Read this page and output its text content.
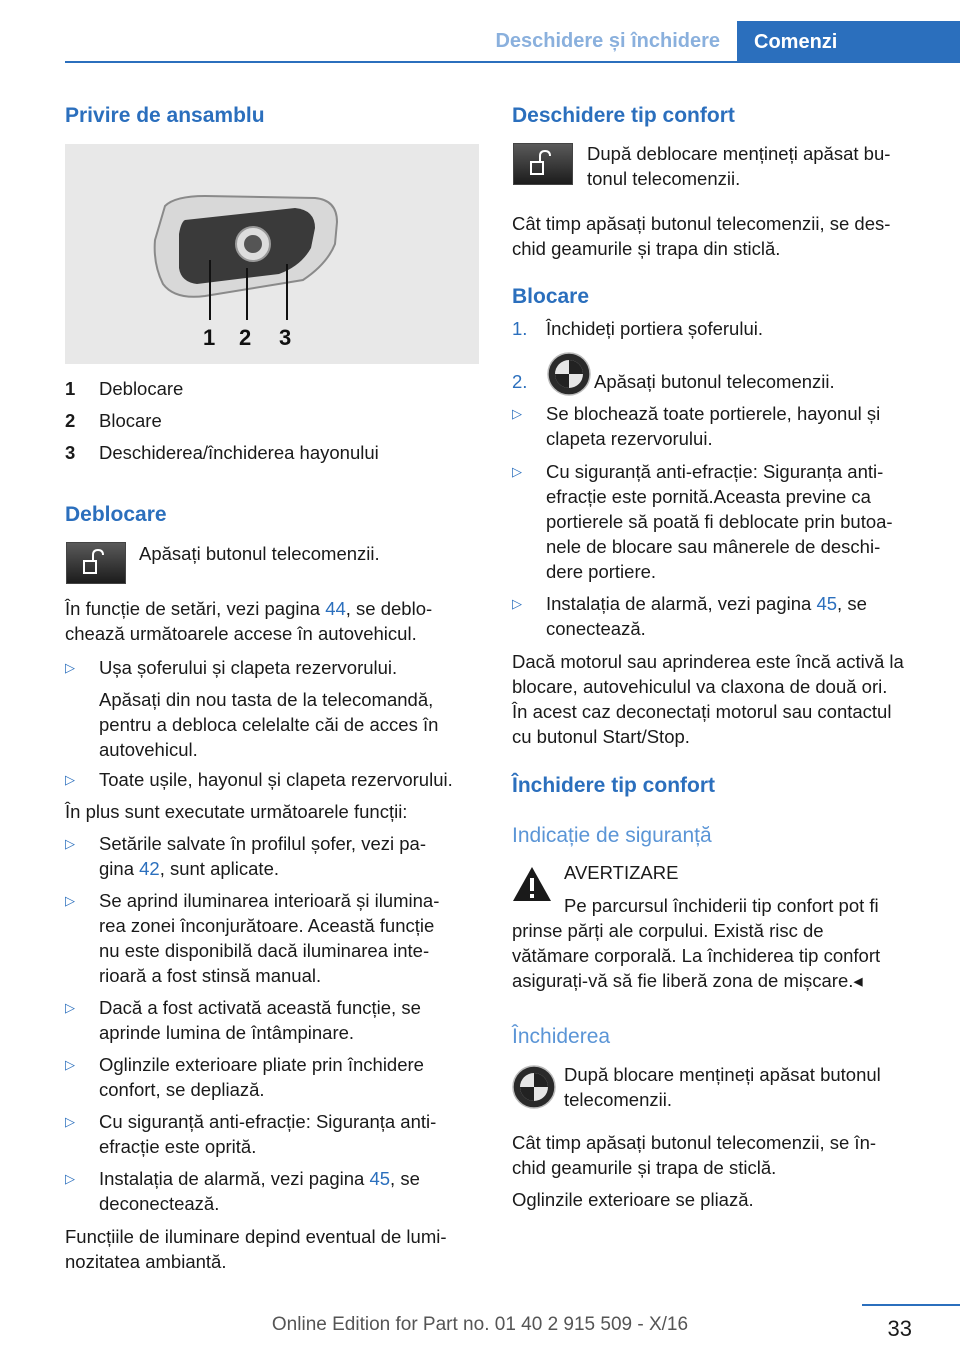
Deschidere și închidere	Comenzi
Privire de ansamblu
1 2 3
1 Deblocare
2 Blocare
3 Deschiderea/închiderea hayonului
Deblocare
Apăsați butonul telecomenzii.
În funcție de setări, vezi pagina 44, se deblo-
chează următoarele accese în autovehicul.
▷ Ușa șoferului și clapeta rezervorului.
Apăsați din nou tasta de la telecomandă,
pentru a debloca celelalte căi de acces în
autovehicul.
▷ Toate ușile, hayonul și clapeta rezervorului.
În plus sunt executate următoarele funcții:
▷ Setările salvate în profilul șofer, vezi pa-
gina 42, sunt aplicate.
▷ Se aprind iluminarea interioară și ilumina-
rea zonei înconjurătoare. Această funcție
nu este disponibilă dacă iluminarea inte-
rioară a fost stinsă manual.
▷ Dacă a fost activată această funcție, se
aprinde lumina de întâmpinare.
▷ Oglinzile exterioare pliate prin închidere
confort, se depliază.
▷ Cu siguranță anti-efracție: Siguranța anti-
efracție este oprită.
▷ Instalația de alarmă, vezi pagina 45, se
deconectează.
Funcțiile de iluminare depind eventual de lumi-
nozitatea ambiantă.
Deschidere tip confort
După deblocare mențineți apăsat bu-
tonul telecomenzii.
Cât timp apăsați butonul telecomenzii, se des-
chid geamurile și trapa din sticlă.
Blocare
1. Închideți portiera șoferului.
2.	Apăsați butonul telecomenzii.
▷ Se blochează toate portierele, hayonul și
clapeta rezervorului.
▷ Cu siguranță anti-efracție: Siguranța anti-
efracție este pornită.Aceasta previne ca
portierele să poată fi deblocate prin butoa-
nele de blocare sau mânerele de deschi-
dere portiere.
▷ Instalația de alarmă, vezi pagina 45, se
conectează.
Dacă motorul sau aprinderea este încă activă la
blocare, autovehiculul va claxona de două ori.
În acest caz deconectați motorul sau contactul
cu butonul Start/Stop.
Închidere tip confort
Indicație de siguranță
AVERTIZARE
Pe parcursul închiderii tip confort pot fi
prinse părți ale corpului. Există risc de
vătămare corporală. La închiderea tip confort
asigurați-vă să fie liberă zona de mișcare.◂
Închiderea
După blocare mențineți apăsat butonul
telecomenzii.
Cât timp apăsați butonul telecomenzii, se în-
chid geamurile și trapa de sticlă.
Oglinzile exterioare se pliază.
33
Online Edition for Part no. 01 40 2 915 509 - X/16
